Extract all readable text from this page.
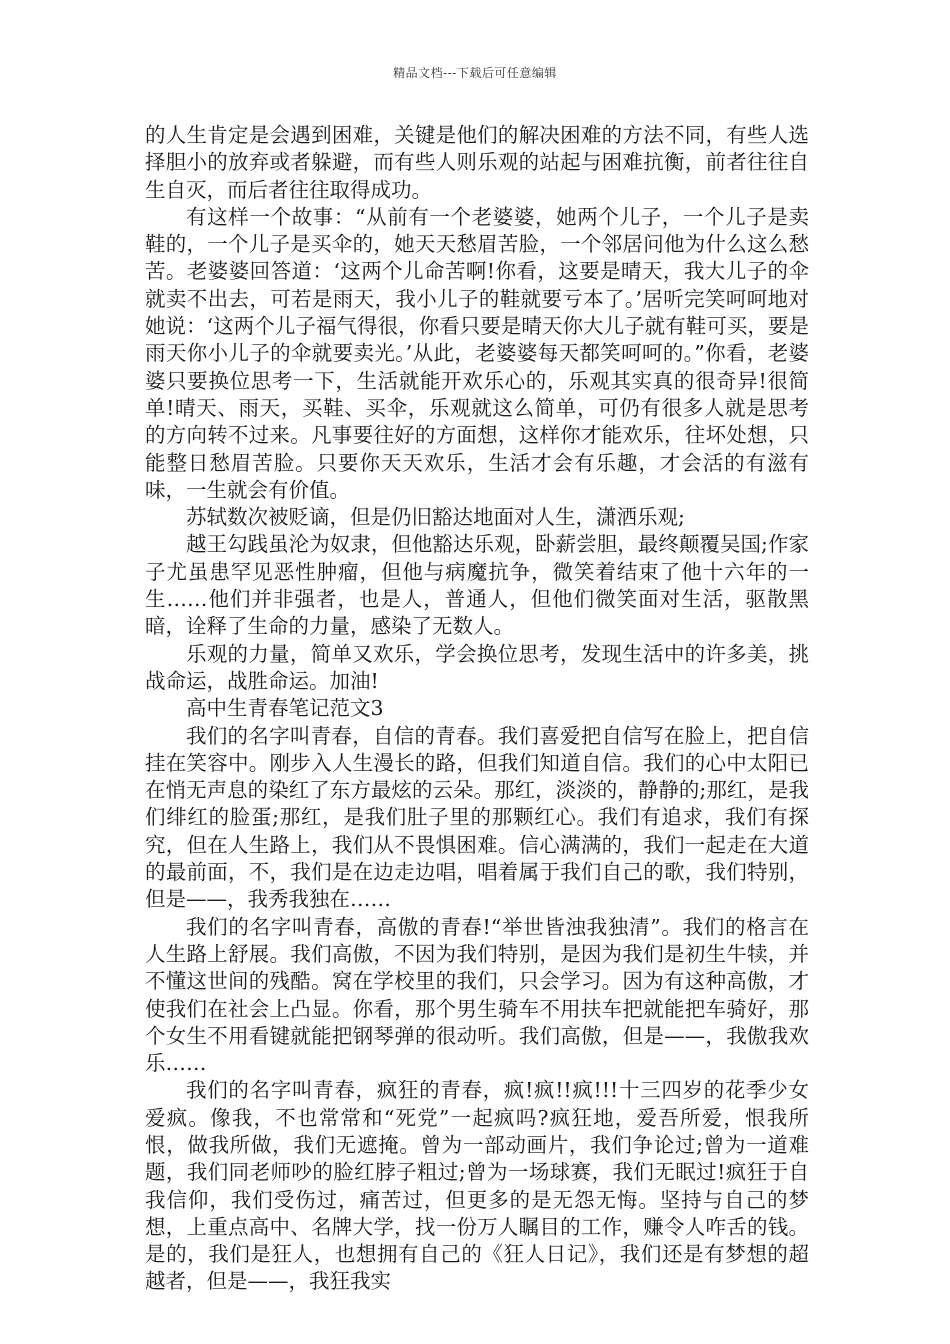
精品文档---下载后可任意编辑

的人生肯定是会遇到困难，关键是他们的解决困难的方法不同，有些人选择胆小的放弃或者躲避，而有些人则乐观的站起与困难抗衡，前者往往自生自灭，而后者往往取得成功。

有这样一个故事：“从前有一个老婆婆，她两个儿子，一个儿子是卖鞋的，一个儿子是买伞的，她天天愁眉苦脸，一个邻居问他为什么这么愁苦。老婆婆回答道：‘这两个儿命苦啊!你看，这要是晴天，我大儿子的伞就卖不出去，可若是雨天，我小儿子的鞋就要亏本了。’居听完笑呵呵地对她说：‘这两个儿子福气得很，你看只要是晴天你大儿子就有鞋可买，要是雨天你小儿子的伞就要卖光。’从此，老婆婆每天都笑呵呵的。”你看，老婆婆只要换位思考一下，生活就能开欢乐心的，乐观其实真的很奇异!很简单!晴天、雨天，买鞋、买伞，乐观就这么简单，可仍有很多人就是思考的方向转不过来。凡事要往好的方面想，这样你才能欢乐，往坏处想，只能整日愁眉苦脸。只要你天天欢乐，生活才会有乐趣，才会活的有滋有味，一生就会有价值。

苏轼数次被贬谪，但是仍旧豁达地面对人生，潇洒乐观;

越王勾践虽沦为奴隶，但他豁达乐观，卧薪尝胆，最终颠覆吴国;作家子尤虽患罕见恶性肿瘤，但他与病魔抗争，微笑着结束了他十六年的一生……他们并非强者，也是人，普通人，但他们微笑面对生活，驱散黑暗，诠释了生命的力量，感染了无数人。

乐观的力量，简单又欢乐，学会换位思考，发现生活中的许多美，挑战命运，战胜命运。加油!

高中生青春笔记范文3

我们的名字叫青春，自信的青春。我们喜爱把自信写在脸上，把自信挂在笑容中。刚步入人生漫长的路，但我们知道自信。我们的心中太阳已在悄无声息的染红了东方最炫的云朵。那红，淡淡的，静静的;那红，是我们绯红的脸蛋;那红，是我们肚子里的那颗红心。我们有追求，我们有探究，但在人生路上，我们从不畏惧困难。信心满满的，我们一起走在大道的最前面，不，我们是在边走边唱，唱着属于我们自己的歌，我们特别，但是——，我秀我独在……

我们的名字叫青春，高傲的青春!“举世皆浊我独清”。我们的格言在人生路上舒展。我们高傲，不因为我们特别，是因为我们是初生牛犊，并不懂这世间的残酷。窝在学校里的我们，只会学习。因为有这种高傲，才使我们在社会上凸显。你看，那个男生骑车不用扶车把就能把车骑好，那个女生不用看键就能把钢琴弹的很动听。我们高傲，但是——，我傲我欢乐……

我们的名字叫青春，疯狂的青春，疯!疯!!疯!!!十三四岁的花季少女爱疯。像我，不也常常和“死党”一起疯吗?疯狂地，爱吾所爱，恨我所恨，做我所做，我们无遮掩。曾为一部动画片，我们争论过;曾为一道难题，我们同老师吵的脸红脖子粗过;曾为一场球赛，我们无眠过!疯狂于自我信仰，我们受伤过，痛苦过，但更多的是无怨无悔。坚持与自己的梦想，上重点高中、名牌大学，找一份万人瞩目的工作，赚令人咋舌的钱。是的，我们是狂人，也想拥有自己的《狂人日记》，我们还是有梦想的超越者，但是——，我狂我实
